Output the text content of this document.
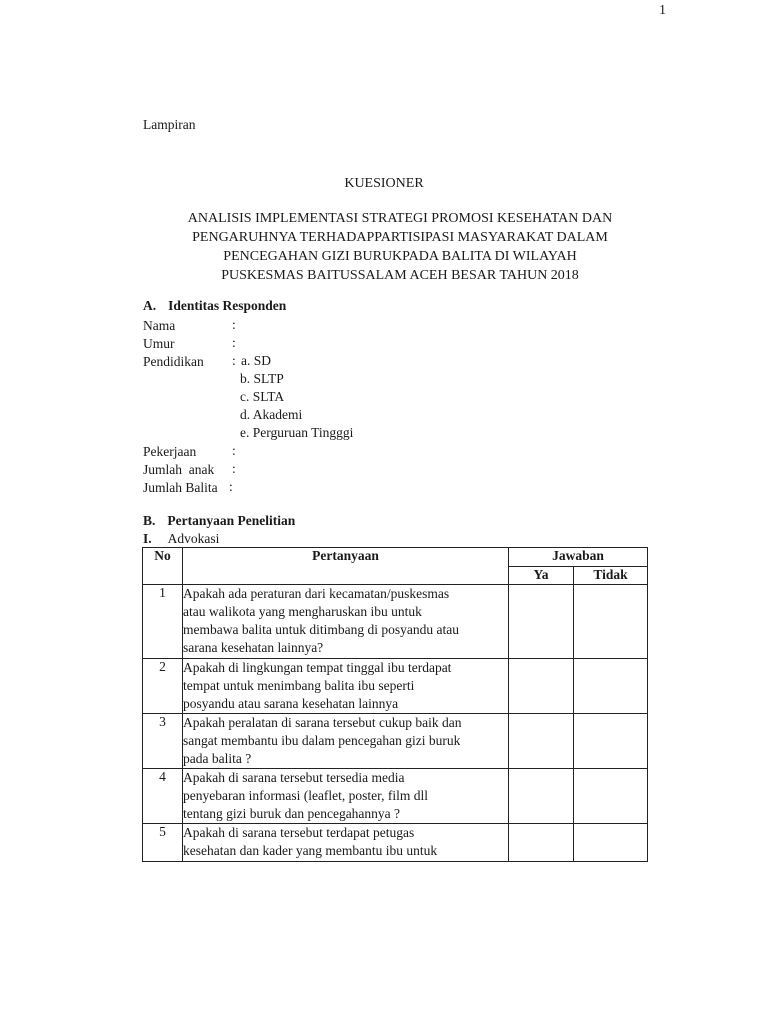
1
Lampiran
KUESIONER
ANALISIS IMPLEMENTASI STRATEGI PROMOSI KESEHATAN DAN
PENGARUHNYA TERHADAPPARTISIPASI MASYARAKAT DALAM
PENCEGAHAN GIZI BURUKPADA BALITA DI WILAYAH
PUSKESMAS BAITUSSALAM ACEH BESAR TAHUN 2018
A. Identitas Responden
Nama	:
Umur	:
Pendidikan : a. SD
b. SLTP
c. SLTA
d. Akademi
e. Perguruan Tingggi
Pekerjaan	:
Jumlah  anak :
Jumlah Balita :
B. Pertanyaan Penelitian
I. Advokasi
No	Pertanyaan	Jawaban	
		Ya	Tidak
1	Apakah ada peraturan dari kecamatan/puskesmas
atau walikota yang mengharuskan ibu untuk
membawa balita untuk ditimbang di posyandu atau
sarana kesehatan lainnya?		

2	Apakah di lingkungan tempat tinggal ibu terdapat
tempat untuk menimbang balita ibu seperti
posyandu atau sarana kesehatan lainnya		

3	Apakah peralatan di sarana tersebut cukup baik dan
sangat membantu ibu dalam pencegahan gizi buruk
pada balita ?		

4	Apakah di sarana tersebut tersedia media
penyebaran informasi (leaflet, poster, film dll
tentang gizi buruk dan pencegahannya ?		

5	Apakah di sarana tersebut terdapat petugas
kesehatan dan kader yang membantu ibu untuk		
